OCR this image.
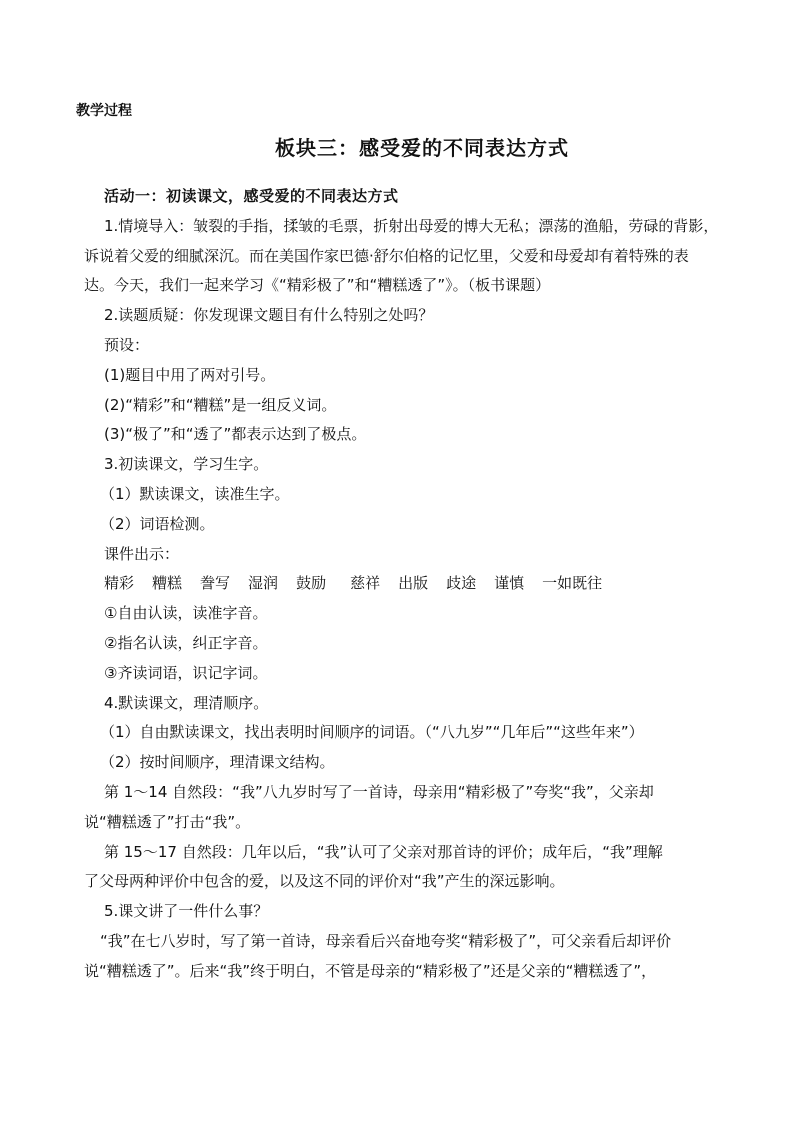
教学过程
板块三：感受爱的不同表达方式

活动一：初读课文，感受爱的不同表达方式

1.情境导入：皱裂的手指，揉皱的毛票，折射出母爱的博大无私；漂荡的渔船，劳碌的背影，

诉说着父爱的细腻深沉。而在美国作家巴德·舒尔伯格的记忆里，父爱和母爱却有着特殊的表

达。今天，我们一起来学习《“精彩极了”和“糟糕透了”》。（板书课题）

2.读题质疑：你发现课文题目有什么特别之处吗？

预设：

(1)题目中用了两对引号。

(2)“精彩”和“糟糕”是一组反义词。

(3)“极了”和“透了”都表示达到了极点。

3.初读课文，学习生字。

（1）默读课文，读准生字。

（2）词语检测。

课件出示：

精彩 糟糕 誊写 湿润 鼓励 慈祥 出版 歧途 谨慎 一如既往

①自由认读，读准字音。

②指名认读，纠正字音。

③齐读词语，识记字词。

4.默读课文，理清顺序。

（1）自由默读课文，找出表明时间顺序的词语。（“八九岁”“几年后”“这些年来”）

（2）按时间顺序，理清课文结构。

第 1～14 自然段：“我”八九岁时写了一首诗，母亲用“精彩极了”夸奖“我”，父亲却

说“糟糕透了”打击“我”。

第 15～17 自然段：几年以后，“我”认可了父亲对那首诗的评价；成年后，“我”理解

了父母两种评价中包含的爱，以及这不同的评价对“我”产生的深远影响。

5.课文讲了一件什么事？

“我”在七八岁时，写了第一首诗，母亲看后兴奋地夸奖“精彩极了”，可父亲看后却评价

说“糟糕透了”。后来“我”终于明白，不管是母亲的“精彩极了”还是父亲的“糟糕透了”，
